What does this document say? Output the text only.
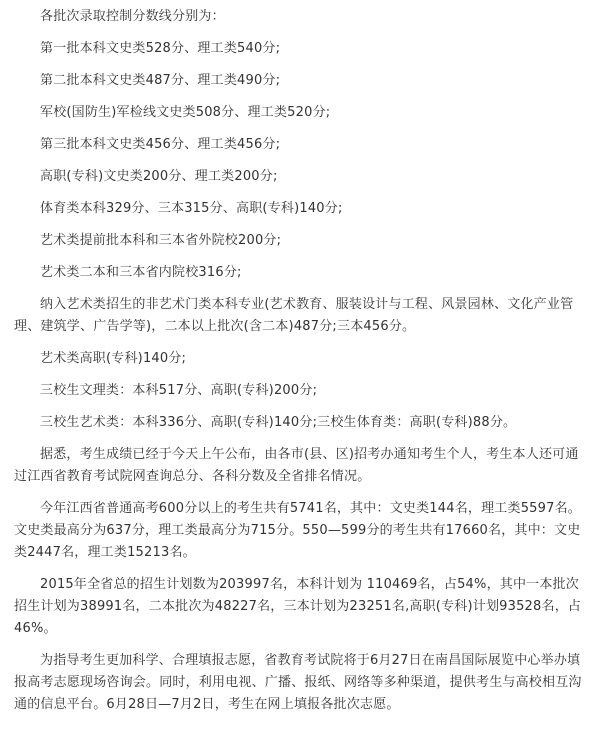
各批次录取控制分数线分别为：

第一批本科文史类528分、理工类540分;

第二批本科文史类487分、理工类490分;

军校(国防生)军检线文史类508分、理工类520分;

第三批本科文史类456分、理工类456分;

高职(专科)文史类200分、理工类200分;

体育类本科329分、三本315分、高职(专科)140分;

艺术类提前批本科和三本省外院校200分;

艺术类二本和三本省内院校316分;

纳入艺术类招生的非艺术门类本科专业(艺术教育、服装设计与工程、风景园林、文化产业管理、建筑学、广告学等)，二本以上批次(含二本)487分;三本456分。

艺术类高职(专科)140分;

三校生文理类：本科517分、高职(专科)200分;

三校生艺术类：本科336分、高职(专科)140分;三校生体育类：高职(专科)88分。

据悉，考生成绩已经于今天上午公布，由各市(县、区)招考办通知考生个人，考生本人还可通过江西省教育考试院网查询总分、各科分数及全省排名情况。

今年江西省普通高考600分以上的考生共有5741名，其中：文史类144名，理工类5597名。文史类最高分为637分，理工类最高分为715分。550—599分的考生共有17660名，其中：文史类2447名，理工类15213名。

2015年全省总的招生计划数为203997名，本科计划为 110469名，占54%，其中一本批次招生计划为38991名，二本批次为48227名，三本计划为23251名,高职(专科)计划93528名，占46%。

为指导考生更加科学、合理填报志愿，省教育考试院将于6月27日在南昌国际展览中心举办填报高考志愿现场咨询会。同时，利用电视、广播、报纸、网络等多种渠道，提供考生与高校相互沟通的信息平台。6月28日—7月2日，考生在网上填报各批次志愿。
